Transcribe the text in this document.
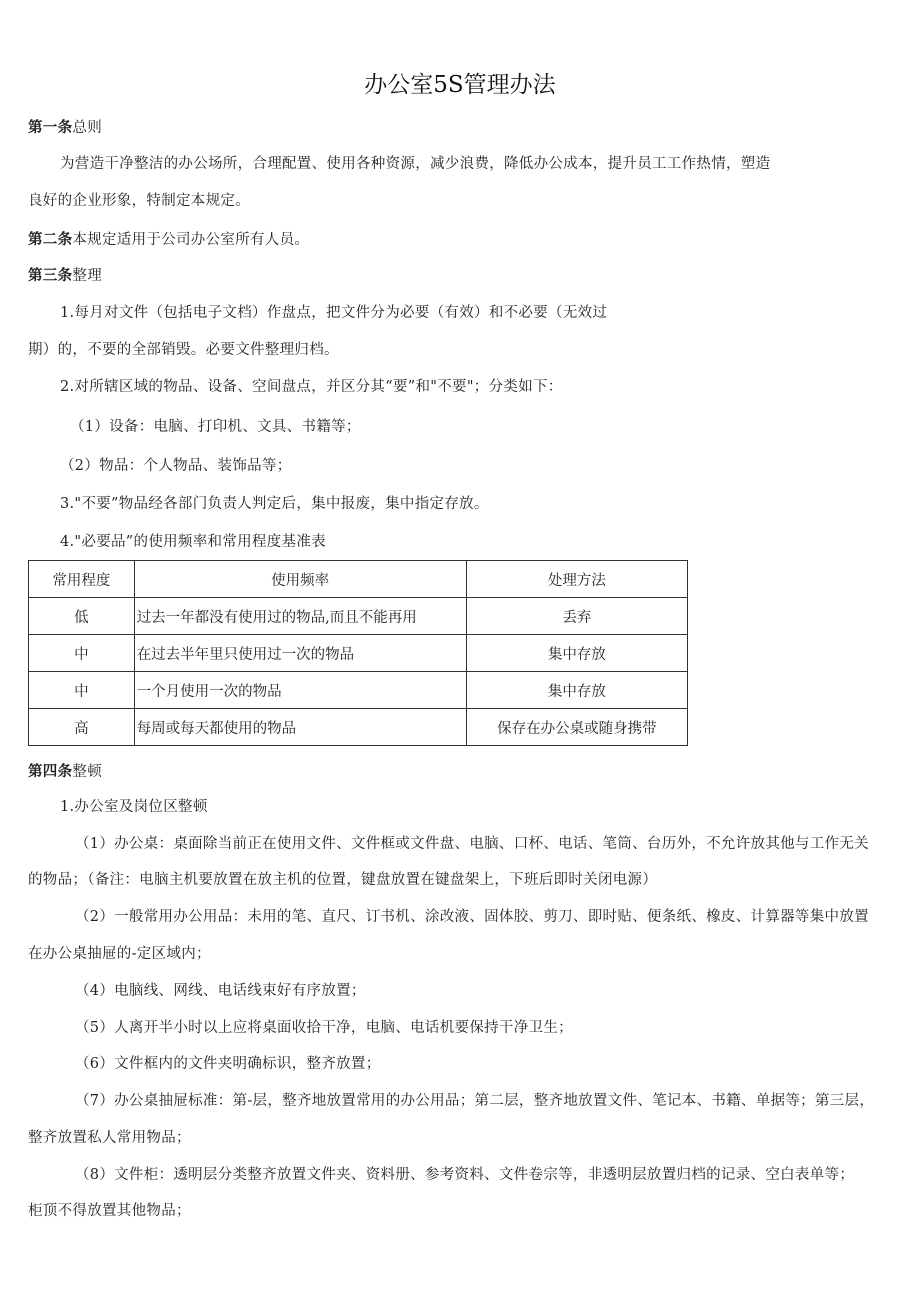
办公室5S管理办法
第一条总则
为营造干净整洁的办公场所，合理配置、使用各种资源，减少浪费，降低办公成本，提升员工工作热情，塑造
良好的企业形象，特制定本规定。
第二条本规定适用于公司办公室所有人员。
第三条整理
1.每月对文件（包括电子文档）作盘点，把文件分为必要（有效）和不必要（无效过
期）的，不要的全部销毁。必要文件整理归档。
2.对所辖区域的物品、设备、空间盘点，并区分其“要”和"不要"；分类如下：
（1）设备：电脑、打印机、文具、书籍等；
（2）物品：个人物品、装饰品等；
3."不要”物品经各部门负责人判定后，集中报废，集中指定存放。
4."必要品”的使用频率和常用程度基准表
常用程度	使用频率	处理方法
低	过去一年都没有使用过的物品,而且不能再用	丢弃
中	在过去半年里只使用过一次的物品	集中存放
中	一个月使用一次的物品	集中存放
高	每周或每天都使用的物品	保存在办公桌或随身携带
第四条整顿
1.办公室及岗位区整顿
（1）办公桌：桌面除当前正在使用文件、文件框或文件盘、电脑、口杯、电话、笔筒、台历外，不允许放其他与工作无关
的物品；（备注：电脑主机要放置在放主机的位置，键盘放置在键盘架上，下班后即时关闭电源）
（2）一般常用办公用品：未用的笔、直尺、订书机、涂改液、固体胶、剪刀、即时贴、便条纸、橡皮、计算器等集中放置
在办公桌抽屉的-定区域内；
（4）电脑线、网线、电话线束好有序放置；
（5）人离开半小时以上应将桌面收拾干净，电脑、电话机要保持干净卫生；
（6）文件框内的文件夹明确标识，整齐放置；
（7）办公桌抽屉标准：第-层，整齐地放置常用的办公用品；第二层，整齐地放置文件、笔记本、书籍、单据等；第三层，
整齐放置私人常用物品；
（8）文件柜：透明层分类整齐放置文件夹、资料册、参考资料、文件卷宗等，非透明层放置归档的记录、空白表单等；
柜顶不得放置其他物品；
